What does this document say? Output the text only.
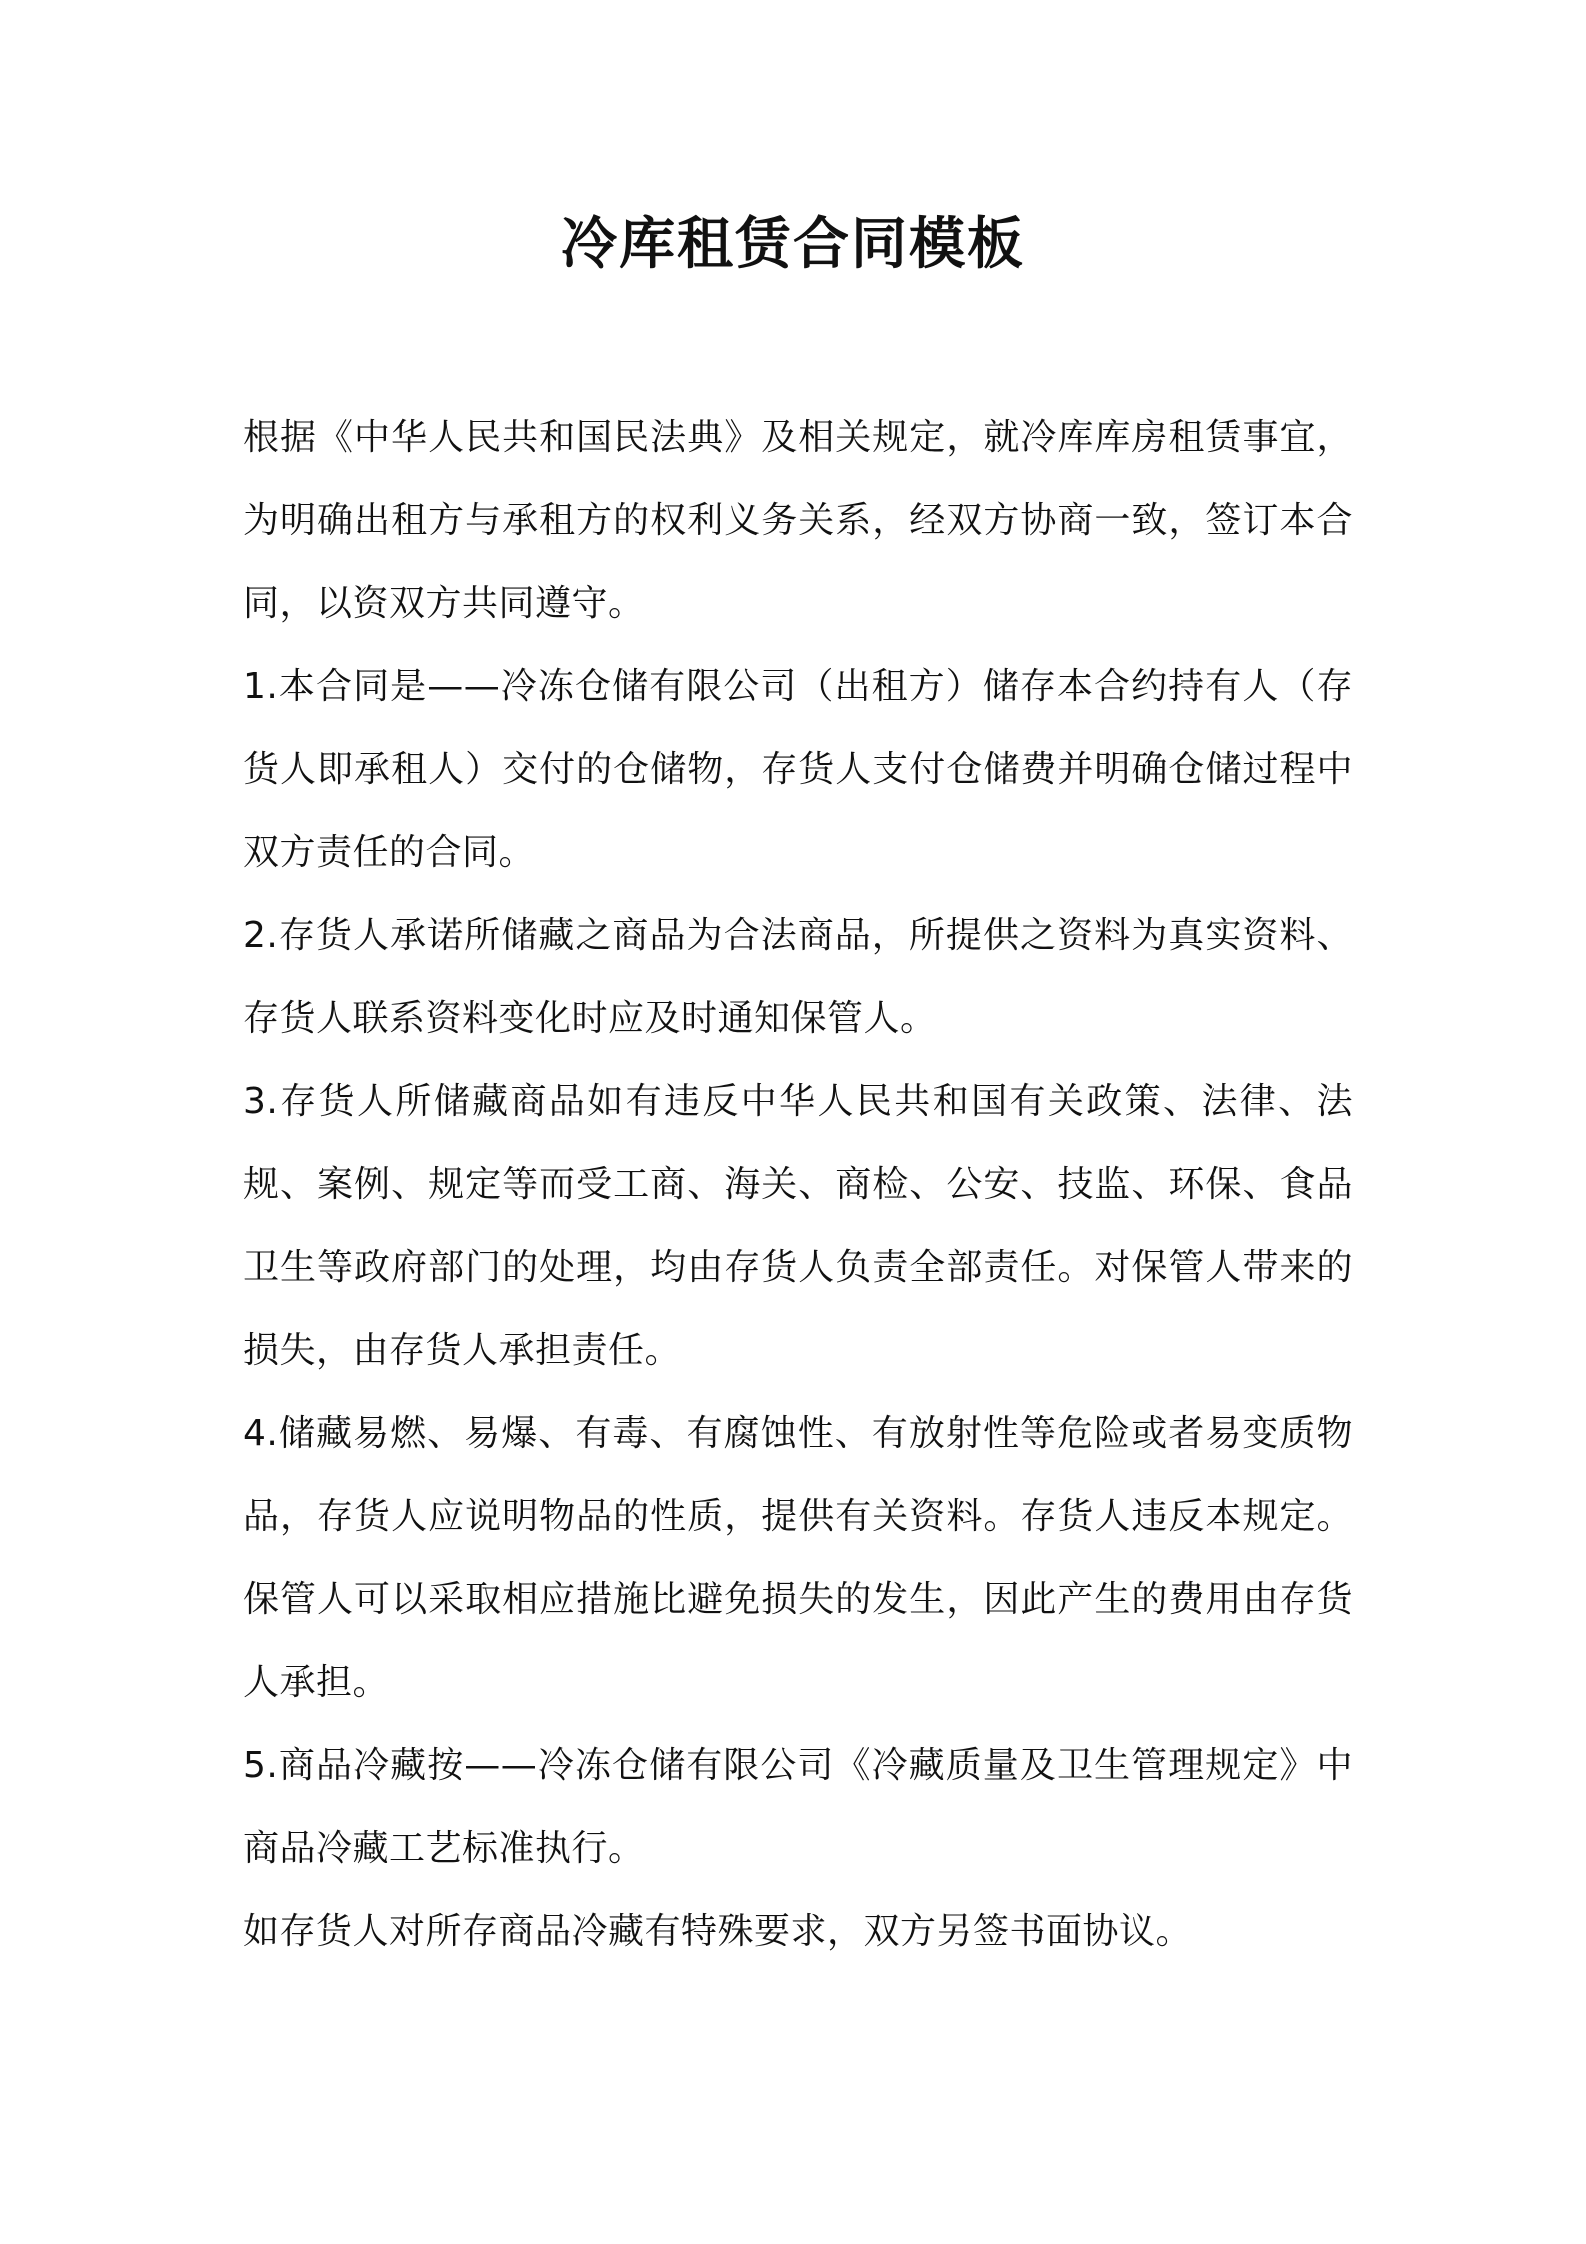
冷库租赁合同模板

根据《中华人民共和国民法典》及相关规定，就冷库库房租赁事宜，为明确出租方与承租方的权利义务关系，经双方协商一致，签订本合同，以资双方共同遵守。

1.本合同是——冷冻仓储有限公司（出租方）储存本合约持有人（存货人即承租人）交付的仓储物，存货人支付仓储费并明确仓储过程中双方责任的合同。

2.存货人承诺所储藏之商品为合法商品，所提供之资料为真实资料、存货人联系资料变化时应及时通知保管人。

3.存货人所储藏商品如有违反中华人民共和国有关政策、法律、法规、案例、规定等而受工商、海关、商检、公安、技监、环保、食品卫生等政府部门的处理，均由存货人负责全部责任。对保管人带来的损失，由存货人承担责任。

4.储藏易燃、易爆、有毒、有腐蚀性、有放射性等危险或者易变质物品，存货人应说明物品的性质，提供有关资料。存货人违反本规定。保管人可以采取相应措施比避免损失的发生，因此产生的费用由存货人承担。

5.商品冷藏按——冷冻仓储有限公司《冷藏质量及卫生管理规定》中商品冷藏工艺标准执行。

如存货人对所存商品冷藏有特殊要求，双方另签书面协议。
